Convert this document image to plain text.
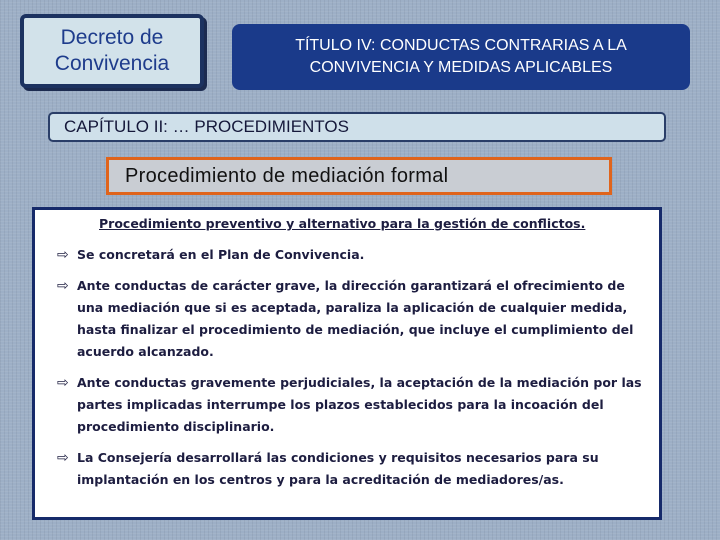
Decreto de
Convivencia
TÍTULO IV: CONDUCTAS CONTRARIAS A LA
CONVIVENCIA Y MEDIDAS APLICABLES
CAPÍTULO II: … PROCEDIMIENTOS
Procedimiento de mediación formal
Procedimiento preventivo y alternativo para la gestión de conflictos.
⇨ Se concretará en el Plan de Convivencia.
⇨ Ante conductas de carácter grave, la dirección garantizará el ofrecimiento de una mediación que si es aceptada, paraliza la aplicación de cualquier medida, hasta finalizar el procedimiento de mediación, que incluye el cumplimiento del acuerdo alcanzado.
⇨ Ante conductas gravemente perjudiciales, la aceptación de la mediación por las partes implicadas interrumpe los plazos establecidos para la incoación del procedimiento disciplinario.
⇨ La Consejería desarrollará las condiciones y requisitos necesarios para su implantación en los centros y para la acreditación de mediadores/as.
